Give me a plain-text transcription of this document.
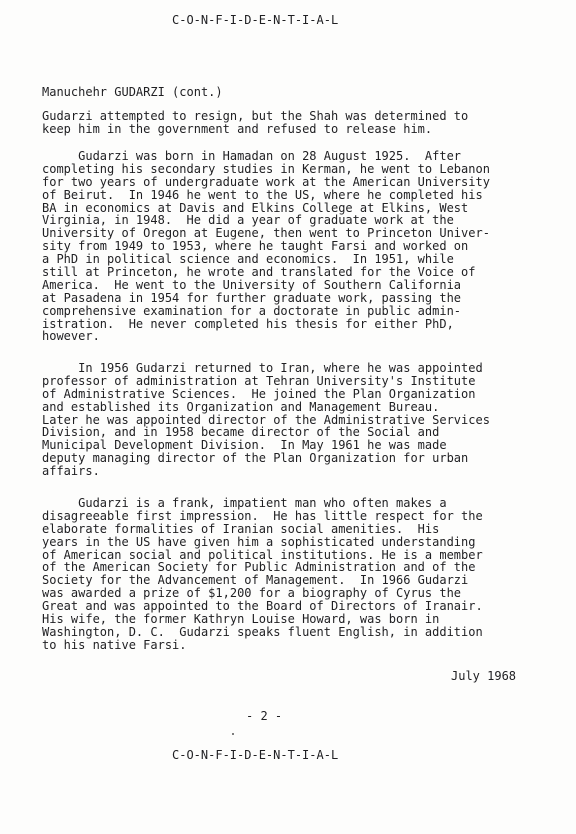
C-O-N-F-I-D-E-N-T-I-A-L
Manuchehr GUDARZI (cont.)
Gudarzi attempted to resign, but the Shah was determined to
keep him in the government and refused to release him.
Gudarzi was born in Hamadan on 28 August 1925.  After
completing his secondary studies in Kerman, he went to Lebanon
for two years of undergraduate work at the American University
of Beirut.  In 1946 he went to the US, where he completed his
BA in economics at Davis and Elkins College at Elkins, West
Virginia, in 1948.  He did a year of graduate work at the
University of Oregon at Eugene, then went to Princeton Univer-
sity from 1949 to 1953, where he taught Farsi and worked on
a PhD in political science and economics.  In 1951, while
still at Princeton, he wrote and translated for the Voice of
America.  He went to the University of Southern California
at Pasadena in 1954 for further graduate work, passing the
comprehensive examination for a doctorate in public admin-
istration.  He never completed his thesis for either PhD,
however.
In 1956 Gudarzi returned to Iran, where he was appointed
professor of administration at Tehran University's Institute
of Administrative Sciences.  He joined the Plan Organization
and established its Organization and Management Bureau.
Later he was appointed director of the Administrative Services
Division, and in 1958 became director of the Social and
Municipal Development Division.  In May 1961 he was made
deputy managing director of the Plan Organization for urban
affairs.
Gudarzi is a frank, impatient man who often makes a
disagreeable first impression.  He has little respect for the
elaborate formalities of Iranian social amenities.  His
years in the US have given him a sophisticated understanding
of American social and political institutions. He is a member
of the American Society for Public Administration and of the
Society for the Advancement of Management.  In 1966 Gudarzi
was awarded a prize of $1,200 for a biography of Cyrus the
Great and was appointed to the Board of Directors of Iranair.
His wife, the former Kathryn Louise Howard, was born in
Washington, D. C.  Gudarzi speaks fluent English, in addition
to his native Farsi.
July 1968
- 2 -
C-O-N-F-I-D-E-N-T-I-A-L
